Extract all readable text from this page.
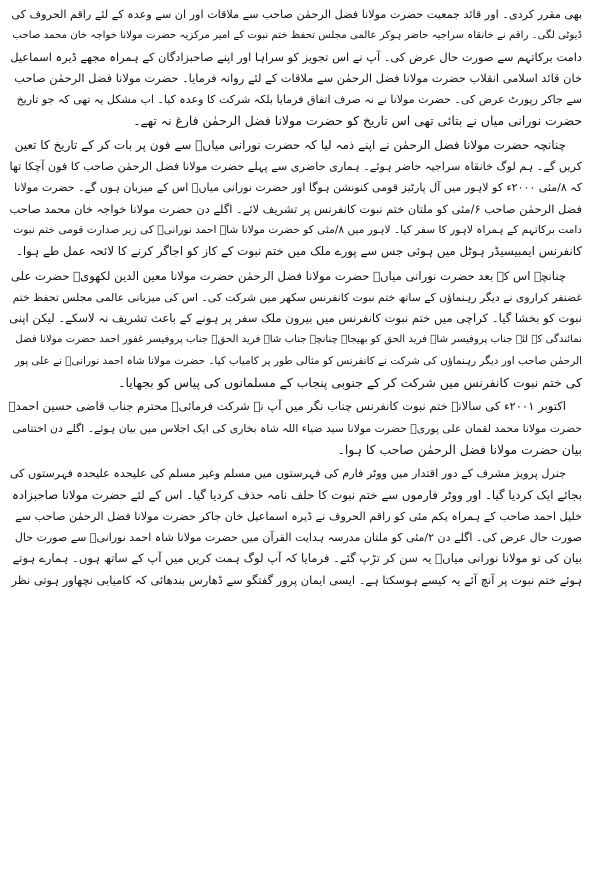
بھی مقرر کردی۔ اور قائد جمعیت حضرت مولانا فضل الرحمٰن صاحب سے ملاقات اور ان سے وعدہ کے لئے راقم الحروف کی
ڈیوٹی لگی۔ راقم نے خانقاہ سراجیہ حاضر ہوکر عالمی مجلس تحفظ ختم نبوت کے امیر مرکزیہ حضرت مولانا خواجہ خان محمد صاحب
دامت برکاتہم سے صورت حال عرض کی۔ آپ نے اس تجویز کو سراہا اور اپنے صاحبزادگان کے ہمراہ مجھے ڈیرہ اسماعیل
خان قائد اسلامی انقلاب حضرت مولانا فضل الرحمٰن سے ملاقات کے لئے روانہ فرمایا۔ حضرت مولانا فضل الرحمٰن صاحب
سے جاکر رپورٹ عرض کی۔ حضرت مولانا نے نہ صرف اتفاق فرمایا بلکہ شرکت کا وعدہ کیا۔ اب مشکل یہ تھی کہ جو تاریخ
حضرت نورانی میاں نے بتائی تھی اس تاریخ کو حضرت مولانا فضل الرحمٰن فارغ نہ تھے۔
چنانچہ حضرت مولانا فضل الرحمٰن نے اپنے ذمہ لیا کہ حضرت نورانی میاںؒ سے فون پر بات کر کے تاریخ کا تعین
کریں گے۔ ہم لوگ خانقاہ سراجیہ حاضر ہوئے۔ ہماری حاضری سے پہلے حضرت مولانا فضل الرحمٰن صاحب کا فون آچکا تھا
کہ ۸/مئی ۲۰۰۰ء کو لاہور میں آل پارٹیز قومی کنونشن ہوگا اور حضرت نورانی میاںؒ اس کے میزبان ہوں گے۔ حضرت مولانا
فضل الرحمٰن صاحب ۶/مئی کو ملتان ختم نبوت کانفرنس پر تشریف لائے۔ اگلے دن حضرت مولانا خواجہ خان محمد صاحب
دامت برکاتہم کے ہمراہ لاہور کا سفر کیا۔ لاہور میں ۸/مئی کو حضرت مولانا شاہ احمد نورانیؒ کی زیر صدارت قومی ختم نبوت
کانفرنس ایمبیسیڈر ہوٹل میں ہوئی جس سے پورے ملک میں ختم نبوت کے کاز کو اجاگر کرنے کا لائحہ عمل طے ہوا۔
چنانچہ اس کے بعد حضرت نورانی میاںؒ حضرت مولانا فضل الرحمٰن حضرت مولانا معین الدین لکھویؒ حضرت علی
غضنفر کراروی نے دیگر رہنماؤں کے ساتھ ختم نبوت کانفرنس سکھر میں شرکت کی۔ اس کی میزبانی عالمی مجلس تحفظ ختم
نبوت کو بخشا گیا۔ کراچی میں ختم نبوت کانفرنس میں بیرون ملک سفر پر ہونے کے باعث تشریف نہ لاسکے۔ لیکن اپنی
نمائندگی کے لئے جناب پروفیسر شاہ فرید الحق کو بھیجا۔ چنانچہ جناب شاہ فرید الحقؒ جناب پروفیسر غفور احمد حضرت مولانا فضل
الرحمٰن صاحب اور دیگر رہنماؤں کی شرکت نے کانفرنس کو مثالی طور پر کامیاب کیا۔ حضرت مولانا شاہ احمد نورانیؒ نے علی پور
کی ختم نبوت کانفرنس میں شرکت کر کے جنوبی پنجاب کے مسلمانوں کی پیاس کو بجھایا۔
اکتوبر ۲۰۰۱ء کی سالانہ ختم نبوت کانفرنس چناب نگر میں آپ نے شرکت فرمائی۔ محترم جناب قاضی حسین احمدؒ
حضرت مولانا محمد لقمان علی پوریؒ حضرت مولانا سید ضیاء اللہ شاہ بخاری کی ایک اجلاس میں بیان ہوئے۔ اگلے دن اختتامی
بیان حضرت مولانا فضل الرحمٰن صاحب کا ہوا۔
جنرل پرویز مشرف کے دور اقتدار میں ووٹر فارم کی فہرستوں میں مسلم وغیر مسلم کی علیحدہ علیحدہ فہرستوں کی
بجائے ایک کردیا گیا۔ اور ووٹر فارموں سے ختم نبوت کا حلف نامہ حذف کردیا گیا۔ اس کے لئے حضرت مولانا صاحبزادہ
خلیل احمد صاحب کے ہمراہ یکم مئی کو راقم الحروف نے ڈیرہ اسماعیل خان جاکر حضرت مولانا فضل الرحمٰن صاحب سے
صورت حال عرض کی۔ اگلے دن ۲/مئی کو ملتان مدرسہ ہدایت القرآن میں حضرت مولانا شاہ احمد نورانیؒ سے صورت حال
بیان کی تو مولانا نورانی میاںؒ یہ سن کر تڑپ گئے۔ فرمایا کہ آپ لوگ ہمت کریں میں آپ کے ساتھ ہوں۔ ہمارے ہوتے
ہوئے ختم نبوت پر آنچ آئے یہ کیسے ہوسکتا ہے۔ ایسی ایمان پرور گفتگو سے ڈھارس بندھائی کہ کامیابی نچھاور ہوتی نظر
